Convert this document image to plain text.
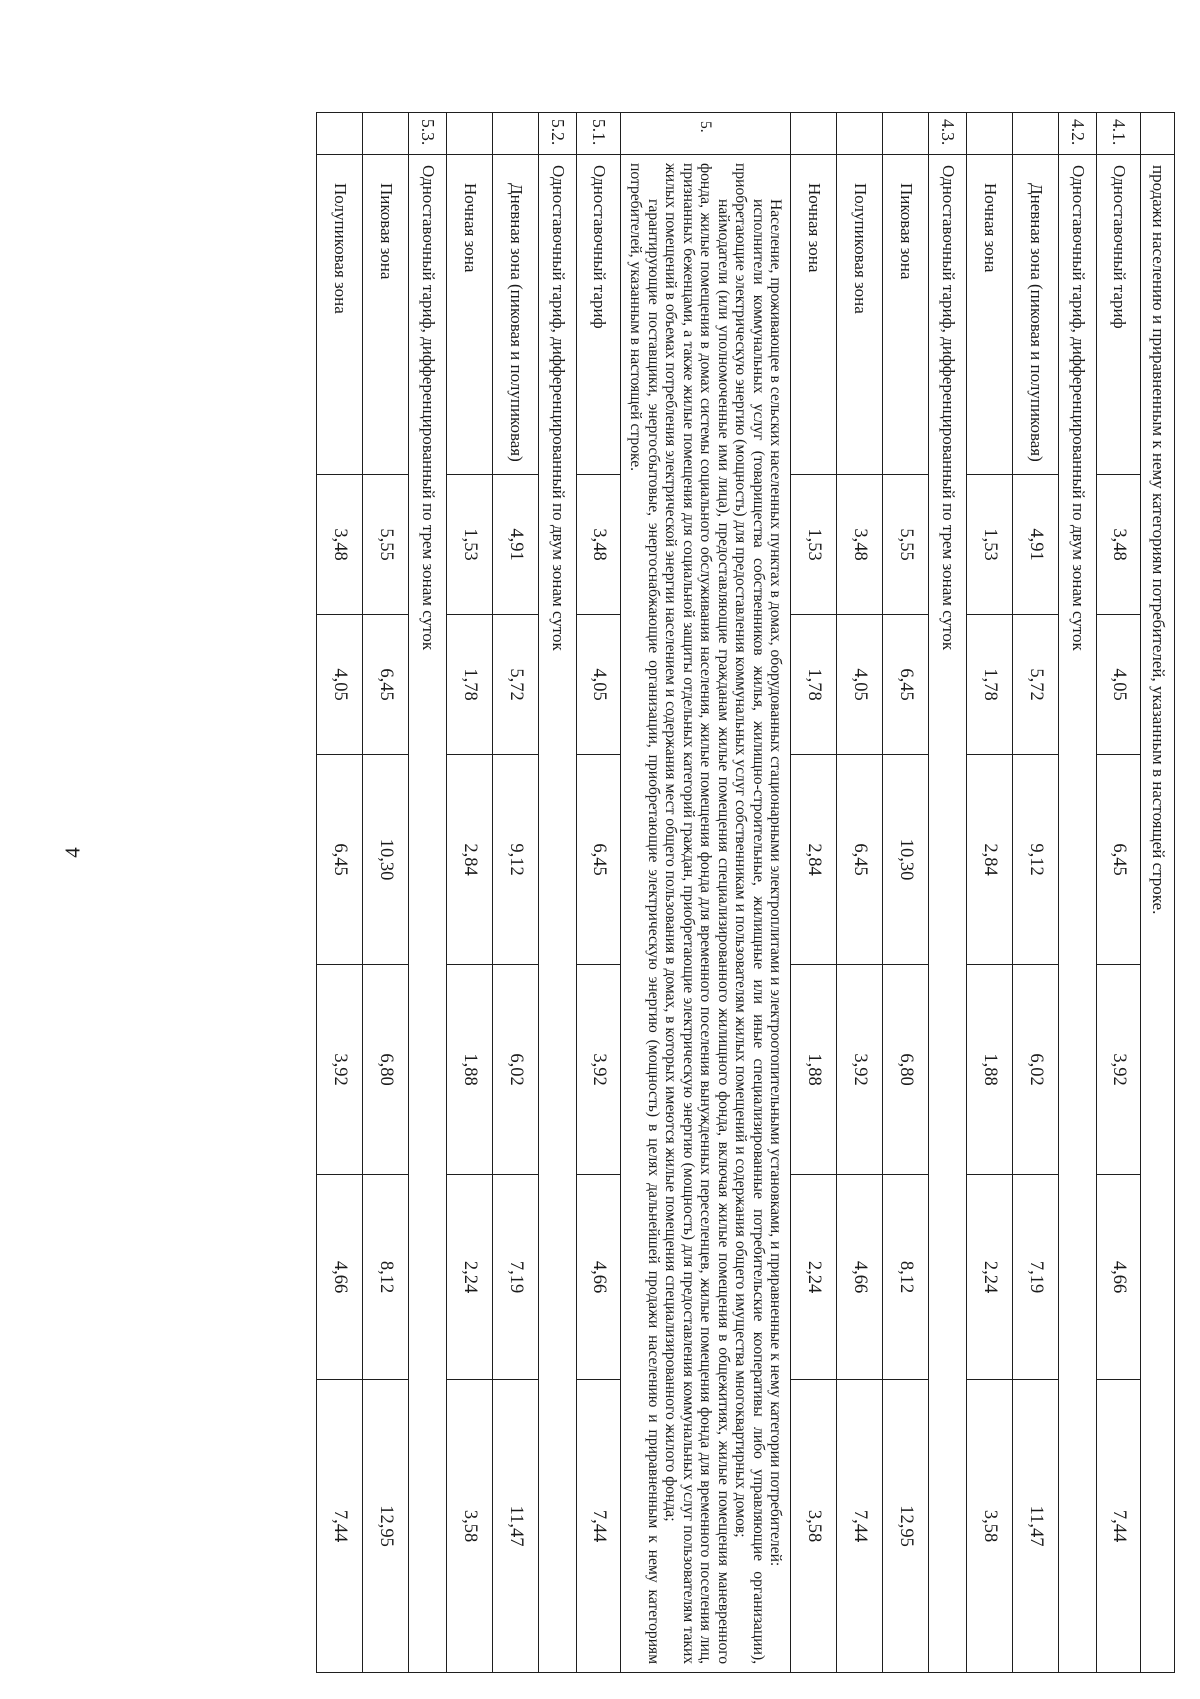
4
		продажи населению и приравненным к нему категориям потребителей, указанным в настоящей строке.						
4.1.	Одноставочный тариф	3,48	4,05	6,45	3,92	4,66	7,44
4.2.	Одноставочный тариф, дифференцированный по двум зонам суток						
	Дневная зона (пиковая и полупиковая)	4,91	5,72	9,12	6,02	7,19	11,47
	Ночная зона	1,53	1,78	2,84	1,88	2,24	3,58
4.3.	Одноставочный тариф, дифференцированный по трем зонам суток						
	Пиковая зона	5,55	6,45	10,30	6,80	8,12	12,95
	Полупиковая зона	3,48	4,05	6,45	3,92	4,66	7,44
	Ночная зона	1,53	1,78	2,84	1,88	2,24	3,58
5.	Население, проживающее в сельских населенных пунктах в домах, оборудованных стационарными электроплитами и электроотопительными установками, и приравненные к нему категории потребителей:

исполнители коммунальных услуг (товарищества собственников жилья, жилищно-строительные, жилищные или иные специализированные потребительские кооперативы либо управляющие организации), приобретающие электрическую энергию (мощность) для предоставления коммунальных услуг собственникам и пользователям жилых помещений и содержания общего имущества многоквартирных домов;

наймодатели (или уполномоченные ими лица), предоставляющие гражданам жилые помещения специализированного жилищного фонда, включая жилые помещения в общежитиях, жилые помещения маневренного фонда, жилые помещения в домах системы социального обслуживания населения, жилые помещения фонда для временного поселения вынужденных переселенцев, жилые помещения фонда для временного поселения лиц, признанных беженцами, а также жилые помещения для социальной защиты отдельных категорий граждан, приобретающие электрическую энергию (мощность) для предоставления коммунальных услуг пользователям таких жилых помещений в объемах потребления электрической энергии населением и содержания мест общего пользования в домах, в которых имеются жилые помещения специализированного жилого фонда;

гарантирующие поставщики, энергосбытовые, энергоснабжающие организации, приобретающие электрическую энергию (мощность) в целях дальнейшей продажи населению и приравненным к нему категориям потребителей, указанным в настоящей строке.						

5.1.	Одноставочный тариф	3,48	4,05	6,45	3,92	4,66	7,44
5.2.	Одноставочный тариф, дифференцированный по двум зонам суток						
	Дневная зона (пиковая и полупиковая)	4,91	5,72	9,12	6,02	7,19	11,47
	Ночная зона	1,53	1,78	2,84	1,88	2,24	3,58
5.3.	Одноставочный тариф, дифференцированный по трем зонам суток						
	Пиковая зона	5,55	6,45	10,30	6,80	8,12	12,95
	Полупиковая зона	3,48	4,05	6,45	3,92	4,66	7,44
